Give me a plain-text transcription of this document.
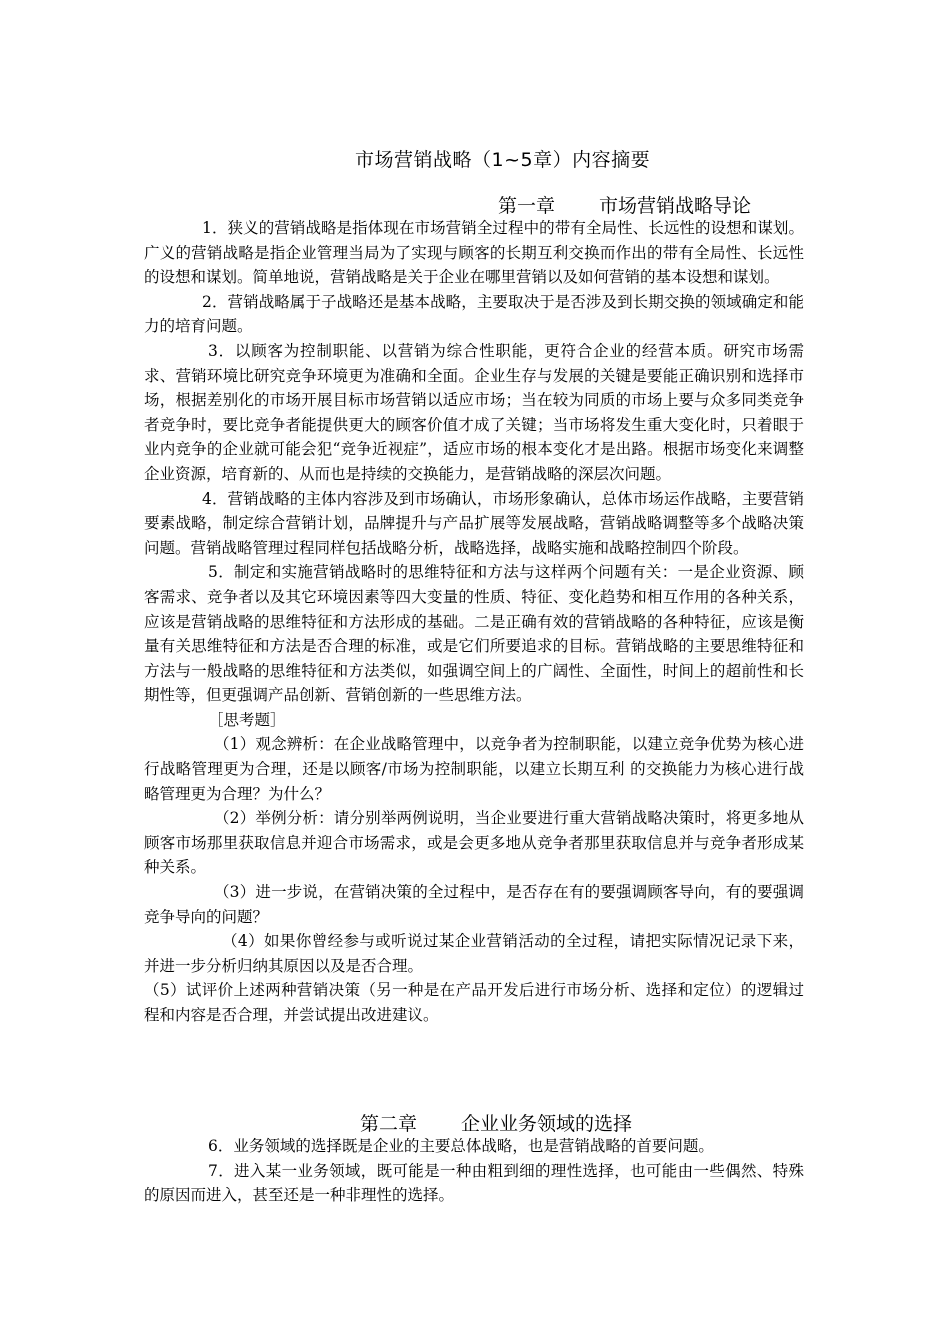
市场营销战略（1~5章）内容摘要
第一章 市场营销战略导论

1．狭义的营销战略是指体现在市场营销全过程中的带有全局性、长远性的设想和谋划。广义的营销战略是指企业管理当局为了实现与顾客的长期互利交换而作出的带有全局性、长远性的设想和谋划。简单地说，营销战略是关于企业在哪里营销以及如何营销的基本设想和谋划。

2．营销战略属于子战略还是基本战略，主要取决于是否涉及到长期交换的领域确定和能力的培育问题。

3．以顾客为控制职能、以营销为综合性职能，更符合企业的经营本质。研究市场需求、营销环境比研究竞争环境更为准确和全面。企业生存与发展的关键是要能正确识别和选择市场，根据差别化的市场开展目标市场营销以适应市场；当在较为同质的市场上要与众多同类竞争者竞争时，要比竞争者能提供更大的顾客价值才成了关键；当市场将发生重大变化时，只着眼于业内竞争的企业就可能会犯“竞争近视症”，适应市场的根本变化才是出路。根据市场变化来调整企业资源，培育新的、从而也是持续的交换能力，是营销战略的深层次问题。

4．营销战略的主体内容涉及到市场确认，市场形象确认，总体市场运作战略，主要营销要素战略，制定综合营销计划，品牌提升与产品扩展等发展战略，营销战略调整等多个战略决策问题。营销战略管理过程同样包括战略分析，战略选择，战略实施和战略控制四个阶段。

5．制定和实施营销战略时的思维特征和方法与这样两个问题有关：一是企业资源、顾客需求、竞争者以及其它环境因素等四大变量的性质、特征、变化趋势和相互作用的各种关系，应该是营销战略的思维特征和方法形成的基础。二是正确有效的营销战略的各种特征，应该是衡量有关思维特征和方法是否合理的标准，或是它们所要追求的目标。营销战略的主要思维特征和方法与一般战略的思维特征和方法类似，如强调空间上的广阔性、全面性，时间上的超前性和长期性等，但更强调产品创新、营销创新的一些思维方法。

［思考题］

（1）观念辨析：在企业战略管理中，以竞争者为控制职能，以建立竞争优势为核心进行战略管理更为合理，还是以顾客/市场为控制职能，以建立长期互利 的交换能力为核心进行战略管理更为合理？为什么？

（2）举例分析：请分别举两例说明，当企业要进行重大营销战略决策时，将更多地从顾客市场那里获取信息并迎合市场需求，或是会更多地从竞争者那里获取信息并与竞争者形成某种关系。

（3）进一步说，在营销决策的全过程中，是否存在有的要强调顾客导向，有的要强调竞争导向的问题？

（4）如果你曾经参与或听说过某企业营销活动的全过程，请把实际情况记录下来，并进一步分析归纳其原因以及是否合理。

（5）试评价上述两种营销决策（另一种是在产品开发后进行市场分析、选择和定位）的逻辑过程和内容是否合理，并尝试提出改进建议。

第二章 企业业务领域的选择

6．业务领域的选择既是企业的主要总体战略，也是营销战略的首要问题。

7．进入某一业务领域，既可能是一种由粗到细的理性选择，也可能由一些偶然、特殊的原因而进入，甚至还是一种非理性的选择。
